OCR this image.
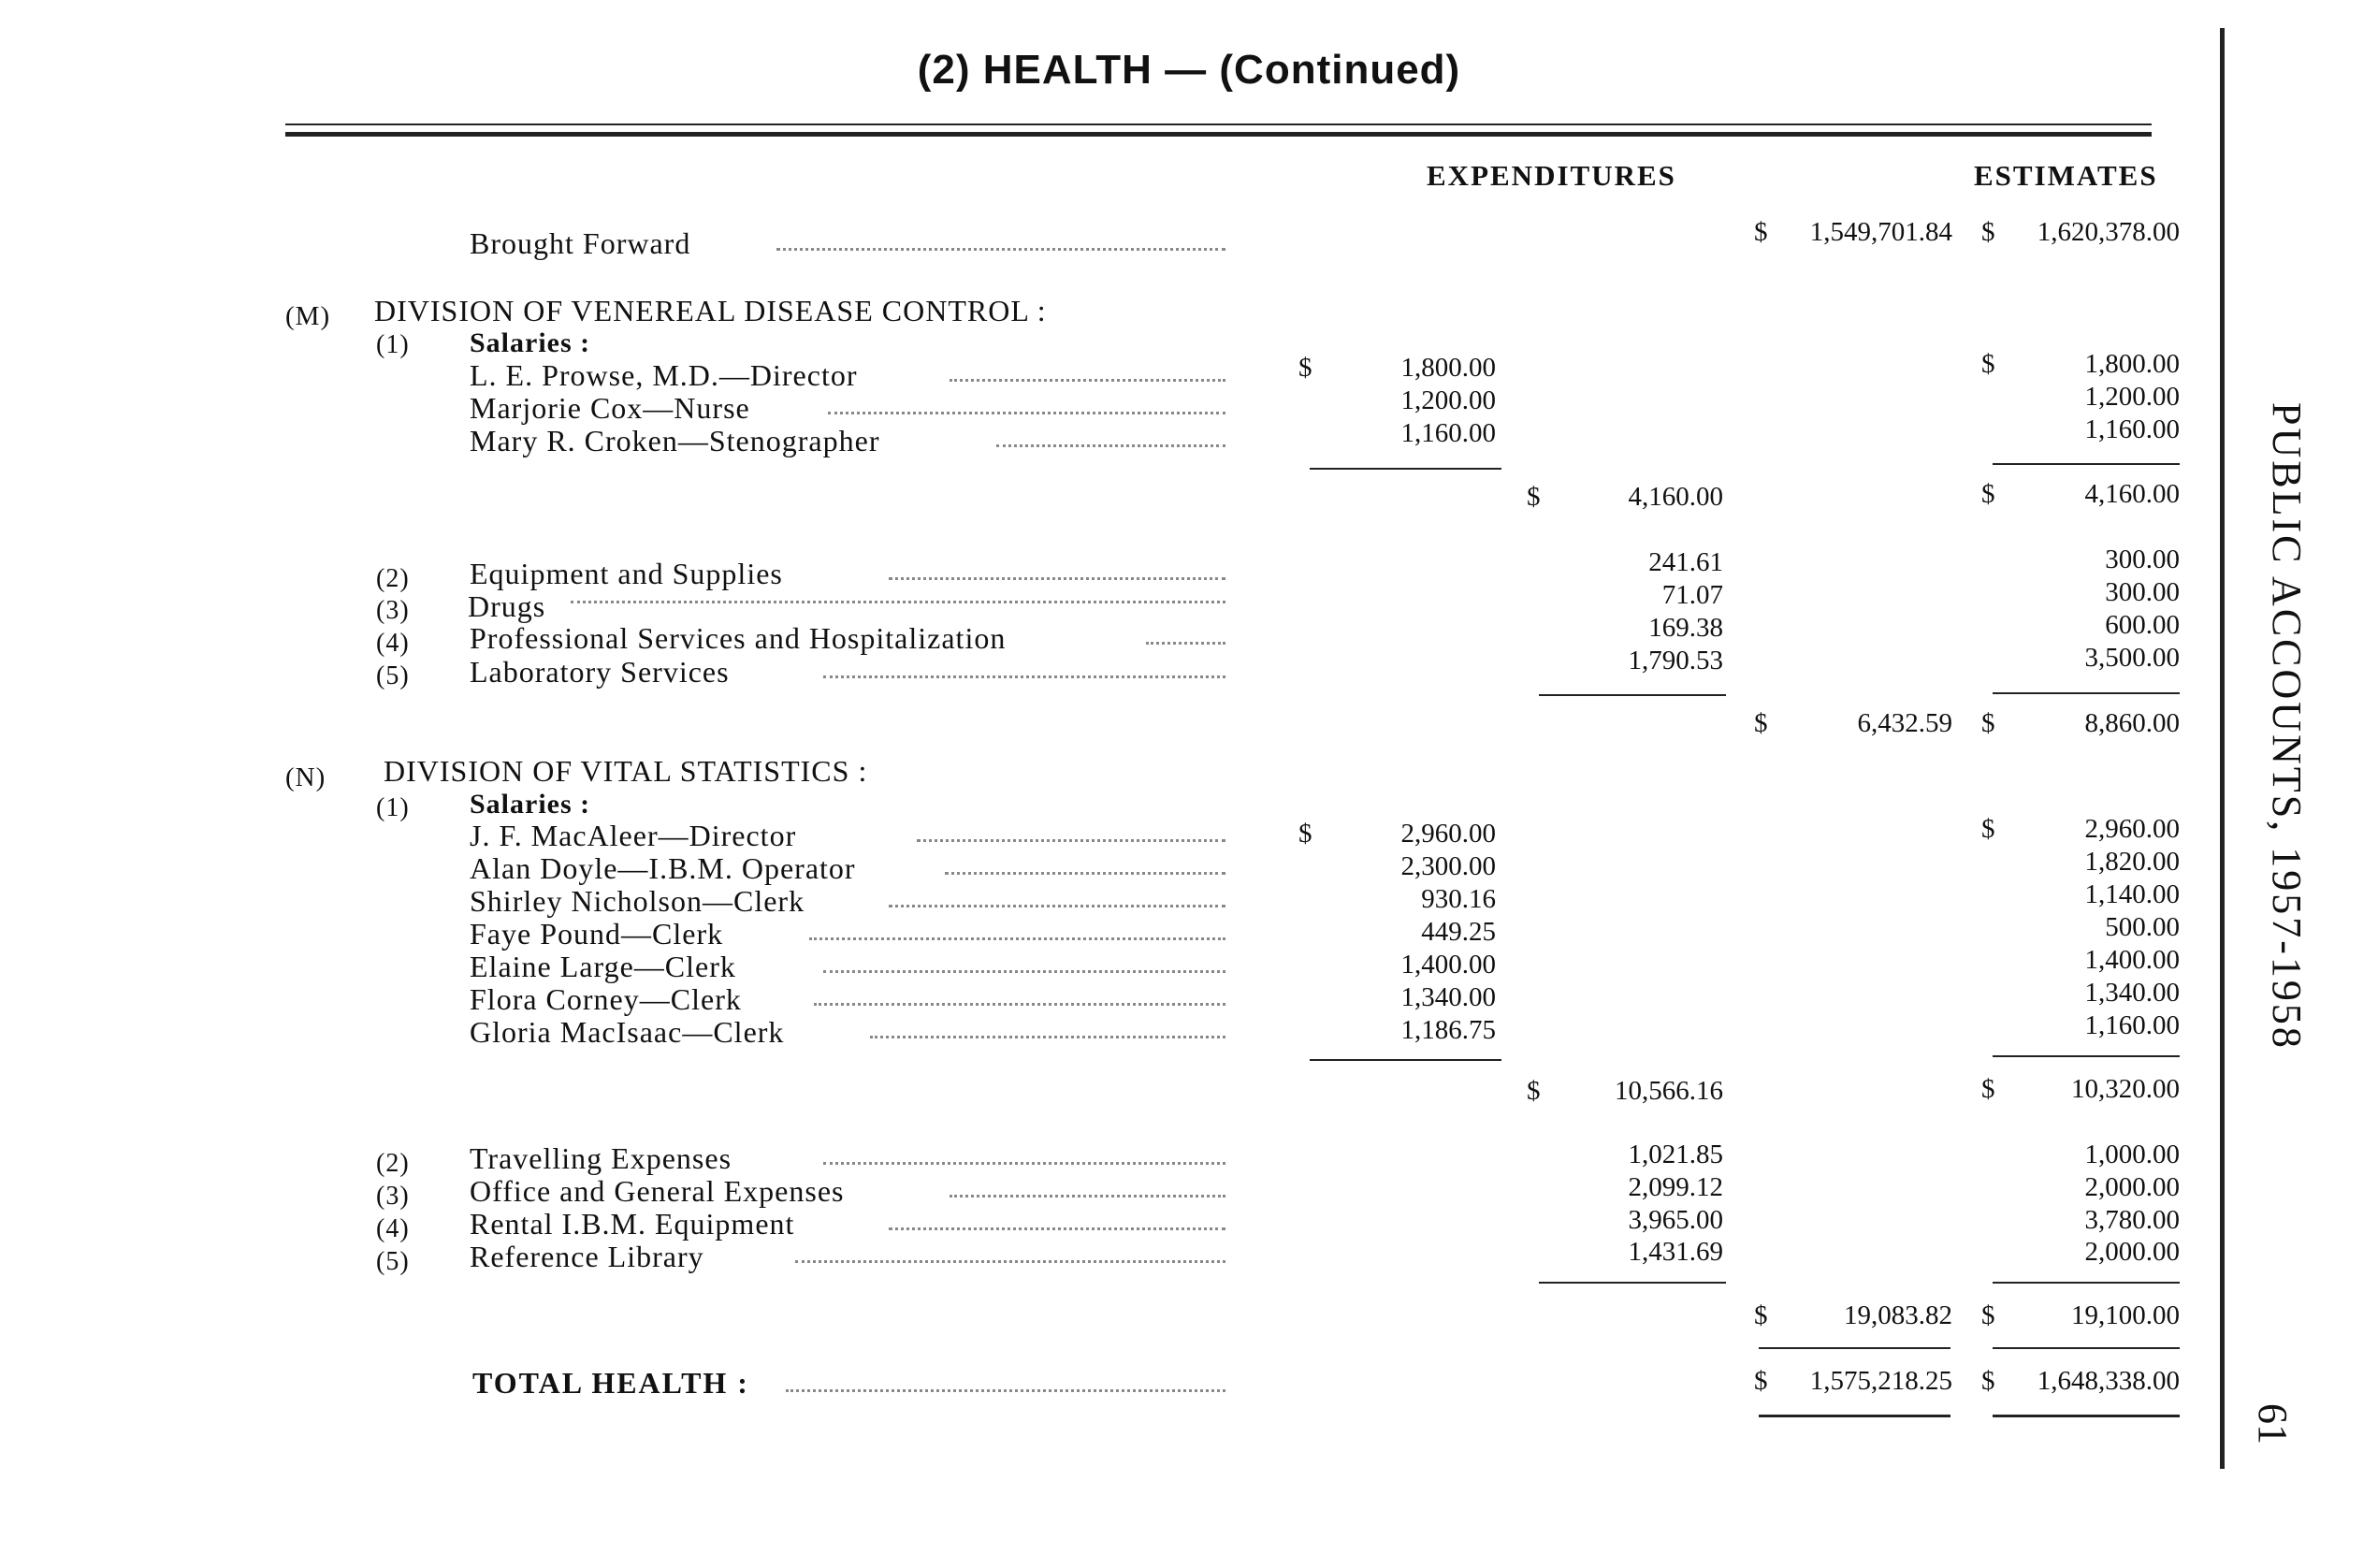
(2) HEALTH — (Continued)
EXPENDITURES	ESTIMATES
Brought Forward	$ 1,549,701.84 $ 1,620,378.00
(M) DIVISION OF VENEREAL DISEASE CONTROL :
(1) Salaries :
L. E. Prowse, M.D.—Director	$	1,800.00	$	1,800.00
Marjorie Cox—Nurse	1,200.00	1,200.00
Mary R. Croken—Stenographer	1,160.00	1,160.00
$	4,160.00	$	4,160.00
(2) Equipment and Supplies	241.61	300.00
(3) Drugs	71.07	300.00
(4) Professional Services and Hospitalization	169.38	600.00
(5) Laboratory Services	1,790.53	3,500.00
$	6,432.59 $	8,860.00
(N) DIVISION OF VITAL STATISTICS :
(1) Salaries :
J. F. MacAleer—Director	$	2,960.00	$	2,960.00
Alan Doyle—I.B.M. Operator	2,300.00	1,820.00
Shirley Nicholson—Clerk	930.16	1,140.00
Faye Pound—Clerk	449.25	500.00
Elaine Large—Clerk	1,400.00	1,400.00
Flora Corney—Clerk	1,340.00	1,340.00
Gloria MacIsaac—Clerk	1,186.75	1,160.00
$	10,566.16	$	10,320.00
(2) Travelling Expenses	1,021.85	1,000.00
(3) Office and General Expenses	2,099.12	2,000.00
(4) Rental I.B.M. Equipment	3,965.00	3,780.00
(5) Reference Library	1,431.69	2,000.00
$	19,083.82 $	19,100.00
TOTAL HEALTH :	$ 1,575,218.25 $ 1,648,338.00
PUBLIC ACCOUNTS, 1957-1958
61
